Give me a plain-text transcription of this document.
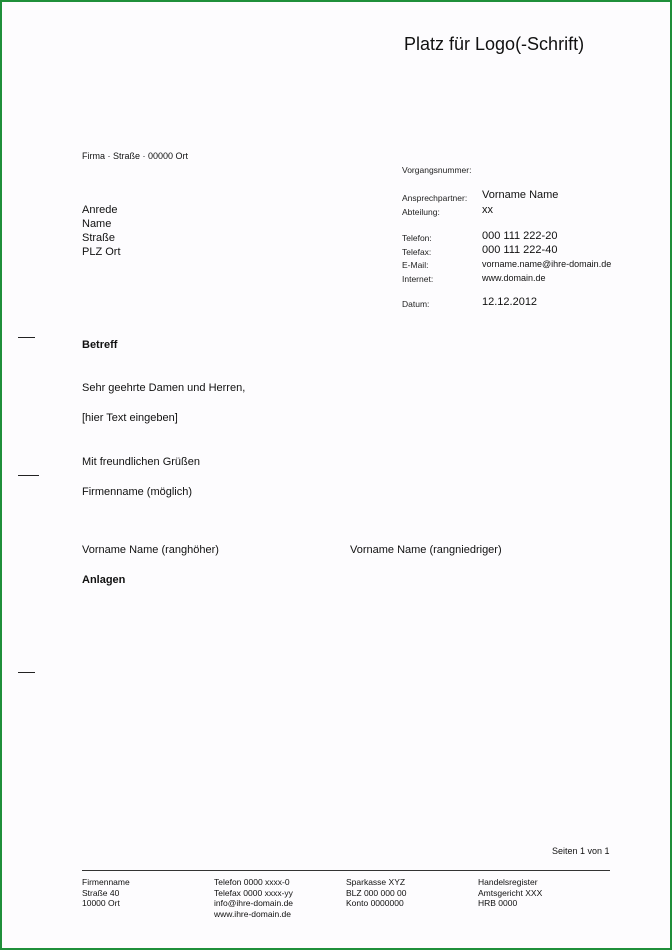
Platz für Logo(-Schrift)
Firma · Straße · 00000 Ort
Anrede
Name
Straße
PLZ Ort
Vorgangsnummer:
Ansprechpartner: Vorname Name
Abteilung:	xx
Telefon:	000 111 222-20
Telefax:	000 111 222-40
E-Mail:	vorname.name@ihre-domain.de
Internet:	www.domain.de
Datum:	12.12.2012
Betreff
Sehr geehrte Damen und Herren,
[hier Text eingeben]
Mit freundlichen Grüßen
Firmenname (möglich)
Vorname Name (ranghöher)	Vorname Name (rangniedriger)
Anlagen
Seiten 1 von 1
Firmenname
Straße 40
10000 Ort
Telefon 0000 xxxx-0
Telefax 0000 xxxx-yy
info@ihre-domain.de
www.ihre-domain.de
Sparkasse XYZ
BLZ 000 000 00
Konto 0000000
Handelsregister
Amtsgericht XXX
HRB 0000
